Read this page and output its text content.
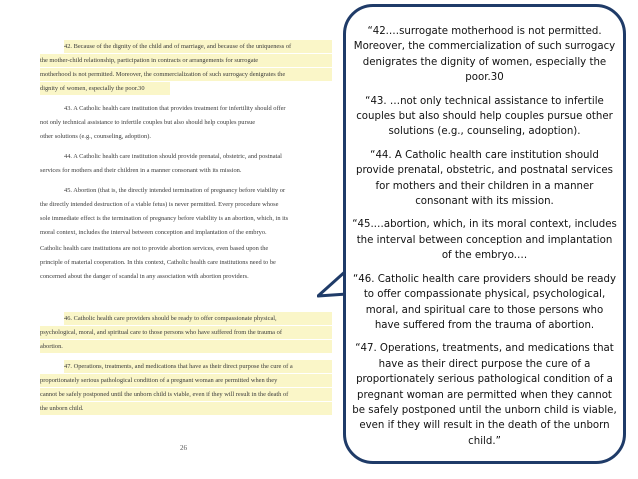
42. Because of the dignity of the child and of marriage, and because of the uniqueness of
the mother-child relationship, participation in contracts or arrangements for surrogate
motherhood is not permitted. Moreover, the commercialization of such surrogacy denigrates the
dignity of women, especially the poor.30
43. A Catholic health care institution that provides treatment for infertility should offer
not only technical assistance to infertile couples but also should help couples pursue
other solutions (e.g., counseling, adoption).
44. A Catholic health care institution should provide prenatal, obstetric, and postnatal
services for mothers and their children in a manner consonant with its mission.
45. Abortion (that is, the directly intended termination of pregnancy before viability or
the directly intended destruction of a viable fetus) is never permitted. Every procedure whose
sole immediate effect is the termination of pregnancy before viability is an abortion, which, in its
moral context, includes the interval between conception and implantation of the embryo.
Catholic health care institutions are not to provide abortion services, even based upon the
principle of material cooperation. In this context, Catholic health care institutions need to be
concerned about the danger of scandal in any association with abortion providers.
46. Catholic health care providers should be ready to offer compassionate physical,
psychological, moral, and spiritual care to those persons who have suffered from the trauma of
abortion.
47. Operations, treatments, and medications that have as their direct purpose the cure of a
proportionately serious pathological condition of a pregnant woman are permitted when they
cannot be safely postponed until the unborn child is viable, even if they will result in the death of
the unborn child.
26

“42.…surrogate motherhood is not permitted. Moreover, the commercialization of such surrogacy denigrates the dignity of women, especially the poor.30

“43. …not only technical assistance to infertile couples but also should help couples pursue other solutions (e.g., counseling, adoption).

“44. A Catholic health care institution should provide prenatal, obstetric, and postnatal services for mothers and their children in a manner consonant with its mission.

“45.…abortion, which, in its moral context, includes the interval between conception and implantation of the embryo.…

“46. Catholic health care providers should be ready to offer compassionate physical, psychological, moral, and spiritual care to those persons who have suffered from the trauma of abortion.

“47. Operations, treatments, and medications that have as their direct purpose the cure of a proportionately serious pathological condition of a pregnant woman are permitted when they cannot be safely postponed until the unborn child is viable, even if they will result in the death of the unborn child.”
